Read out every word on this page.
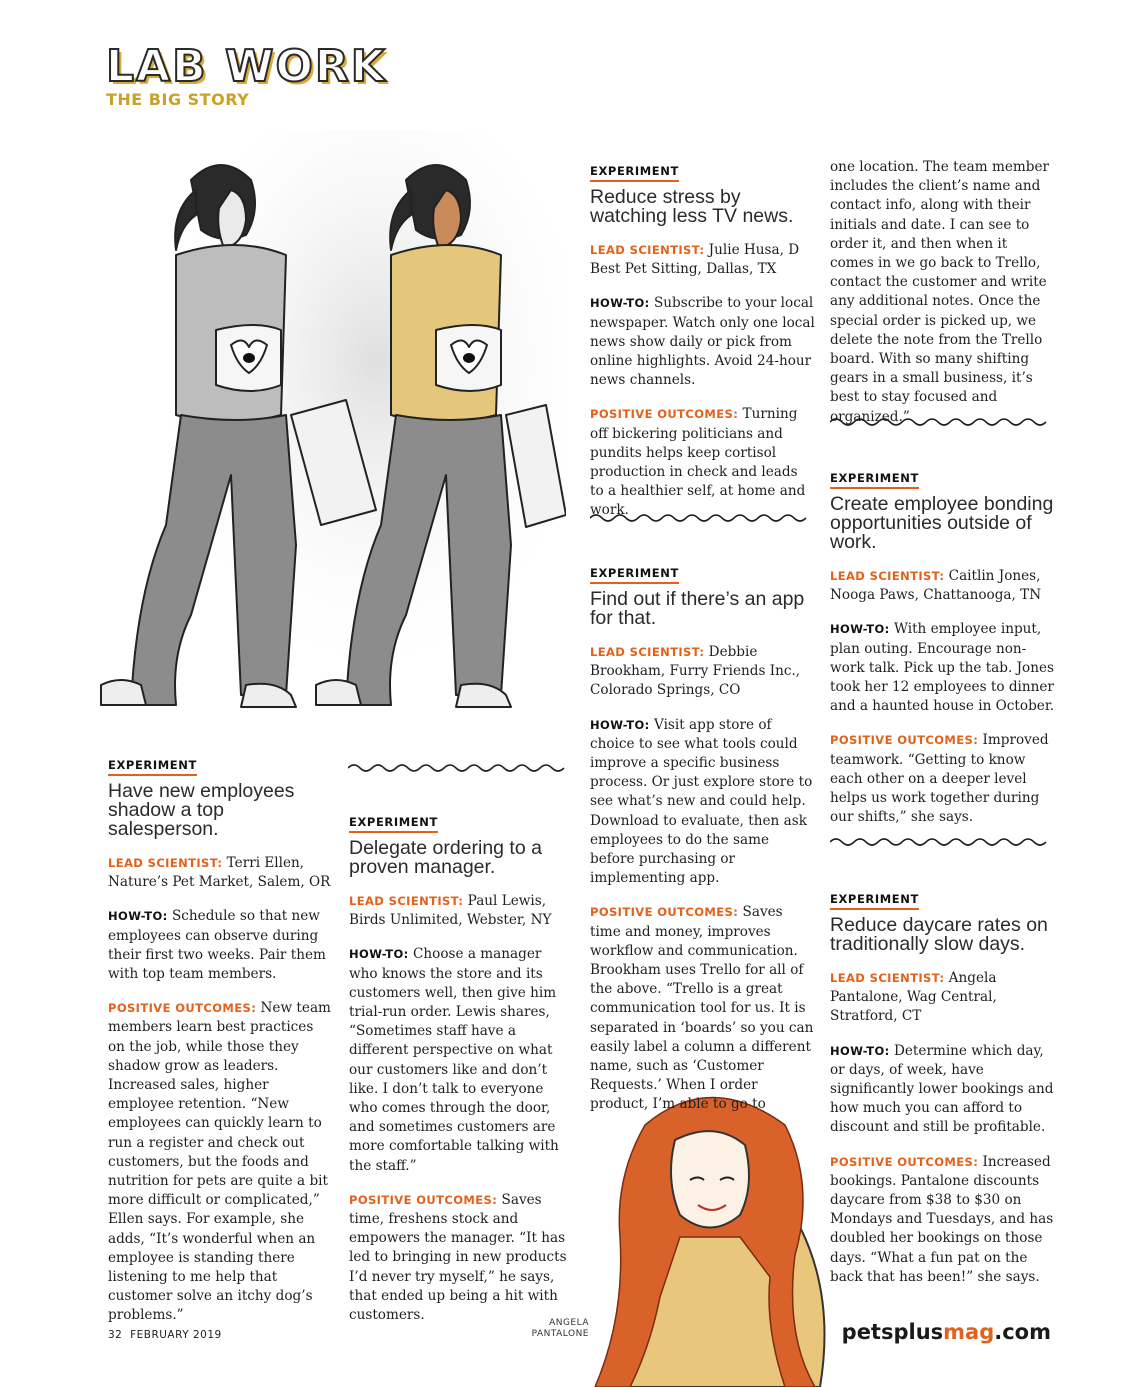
LAB WORK
THE BIG STORY
ANGELA
PANTALONE
EXPERIMENT
Have new employees shadow a top salesperson.

LEAD SCIENTIST: Terri Ellen, Nature’s Pet Market, Salem, OR

HOW-TO: Schedule so that new employees can observe during their first two weeks. Pair them with top team members.

POSITIVE OUTCOMES: New team members learn best practices on the job, while those they shadow grow as leaders. Increased sales, higher employee retention. “New employees can quickly learn to run a register and check out customers, but the foods and nutrition for pets are quite a bit more difficult or complicated,” Ellen says. For example, she adds, “It’s wonderful when an employee is standing there listening to me help that customer solve an itchy dog’s problems.”

EXPERIMENT
Delegate ordering to a proven manager.

LEAD SCIENTIST: Paul Lewis, Birds Unlimited, Webster, NY

HOW-TO: Choose a manager who knows the store and its customers well, then give him trial-run order. Lewis shares, “Sometimes staff have a different perspective on what our customers like and don’t like. I don’t talk to everyone who comes through the door, and sometimes customers are more comfortable talking with the staff.”

POSITIVE OUTCOMES: Saves time, freshens stock and empowers the manager. “It has led to bringing in new products I’d never try myself,” he says, that ended up being a hit with customers.

EXPERIMENT
Reduce stress by watching less TV news.

LEAD SCIENTIST: Julie Husa, D Best Pet Sitting, Dallas, TX

HOW-TO: Subscribe to your local newspaper. Watch only one local news show daily or pick from online highlights. Avoid 24-hour news channels.

POSITIVE OUTCOMES: Turning off bickering politicians and pundits helps keep cortisol production in check and leads to a healthier self, at home and work.

EXPERIMENT
Find out if there’s an app for that.

LEAD SCIENTIST: Debbie Brookham, Furry Friends Inc., Colorado Springs, CO

HOW-TO: Visit app store of choice to see what tools could improve a specific business process. Or just explore store to see what’s new and could help. Download to evaluate, then ask employees to do the same before purchasing or implementing app.

POSITIVE OUTCOMES: Saves time and money, improves workflow and communication. Brookham uses Trello for all of the above. “Trello is a great communication tool for us. It is separated in ‘boards’ so you can easily label a column a different name, such as ‘Customer Requests.’ When I order product, I’m able to go to

one location. The team member includes the client’s name and contact info, along with their initials and date. I can see to order it, and then when it comes in we go back to Trello, contact the customer and write any additional notes. Once the special order is picked up, we delete the note from the Trello board. With so many shifting gears in a small business, it’s best to stay focused and organized.”

EXPERIMENT
Create employee bonding opportunities outside of work.

LEAD SCIENTIST: Caitlin Jones, Nooga Paws, Chattanooga, TN

HOW-TO: With employee input, plan outing. Encourage non-work talk. Pick up the tab. Jones took her 12 employees to dinner and a haunted house in October.

POSITIVE OUTCOMES: Improved teamwork. “Getting to know each other on a deeper level helps us work together during our shifts,” she says.

EXPERIMENT
Reduce daycare rates on traditionally slow days.

LEAD SCIENTIST: Angela Pantalone, Wag Central, Stratford, CT

HOW-TO: Determine which day, or days, of week, have significantly lower bookings and how much you can afford to discount and still be profitable.

POSITIVE OUTCOMES: Increased bookings. Pantalone discounts daycare from $38 to $30 on Mondays and Tuesdays, and has doubled her bookings on those days. “What a fun pat on the back that has been!” she says.

32 FEBRUARY 2019	petsplusmag.com
